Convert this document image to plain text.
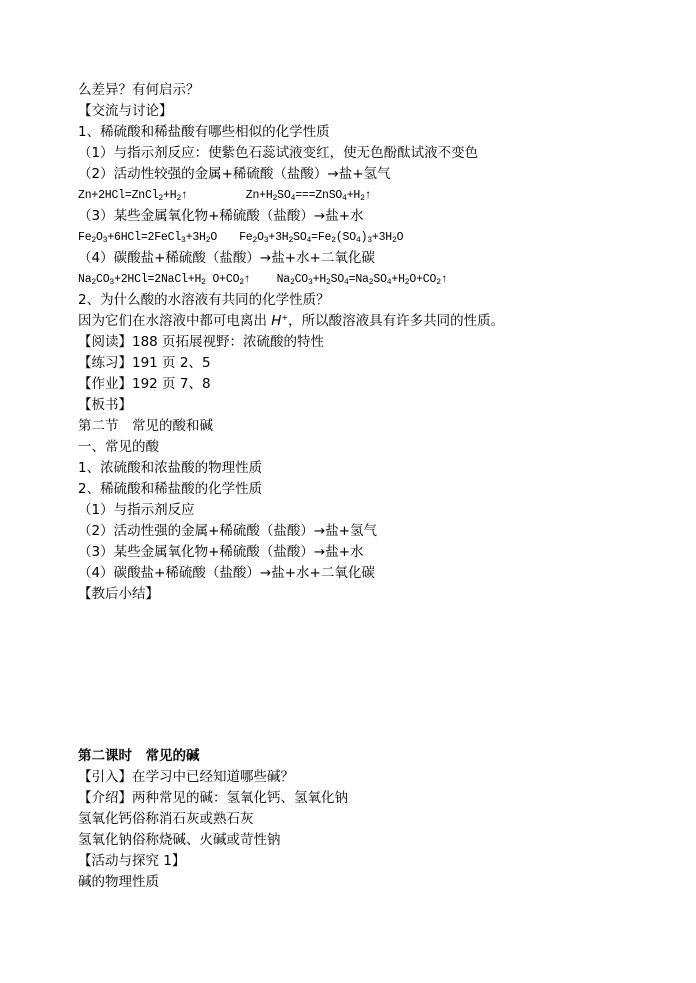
么差异？有何启示？
【交流与讨论】
1、稀硫酸和稀盐酸有哪些相似的化学性质
（1）与指示剂反应：使紫色石蕊试液变红，使无色酚酞试液不变色
（2）活动性较强的金属+稀硫酸（盐酸）→盐+氢气
$Zn+2HCl=ZnCl_2+H_2↑$	$Zn+H_2SO_4===ZnSO_4+H_2↑$
（3）某些金属氧化物+稀硫酸（盐酸）→盐+水
$Fe_2O_3+6HCl=2FeCl_3+3H_2O$ $Fe_2O_3+3H_2SO_4=Fe_2(SO_4)_3+3H_2O$
（4）碳酸盐+稀硫酸（盐酸）→盐+水+二氧化碳
$Na_2CO_3+2HCl=2NaCl+H_2$ $O+CO_2↑$ $Na_2CO_3+H_2SO_4=Na_2SO_4+H_2O+CO_2↑$
2、为什么酸的水溶液有共同的化学性质？
因为它们在水溶液中都可电离出 H+，所以酸溶液具有许多共同的性质。
【阅读】188 页拓展视野：浓硫酸的特性
【练习】191 页 2、5
【作业】192 页 7、8
【板书】
第二节　常见的酸和碱
一、常见的酸
1、浓硫酸和浓盐酸的物理性质
2、稀硫酸和稀盐酸的化学性质
（1）与指示剂反应
（2）活动性强的金属+稀硫酸（盐酸）→盐+氢气
（3）某些金属氧化物+稀硫酸（盐酸）→盐+水
（4）碳酸盐+稀硫酸（盐酸）→盐+水+二氧化碳
【教后小结】
第二课时　常见的碱
【引入】在学习中已经知道哪些碱？
【介绍】两种常见的碱：氢氧化钙、氢氧化钠
氢氧化钙俗称消石灰或熟石灰
氢氧化钠俗称烧碱、火碱或苛性钠
【活动与探究 1】
碱的物理性质
